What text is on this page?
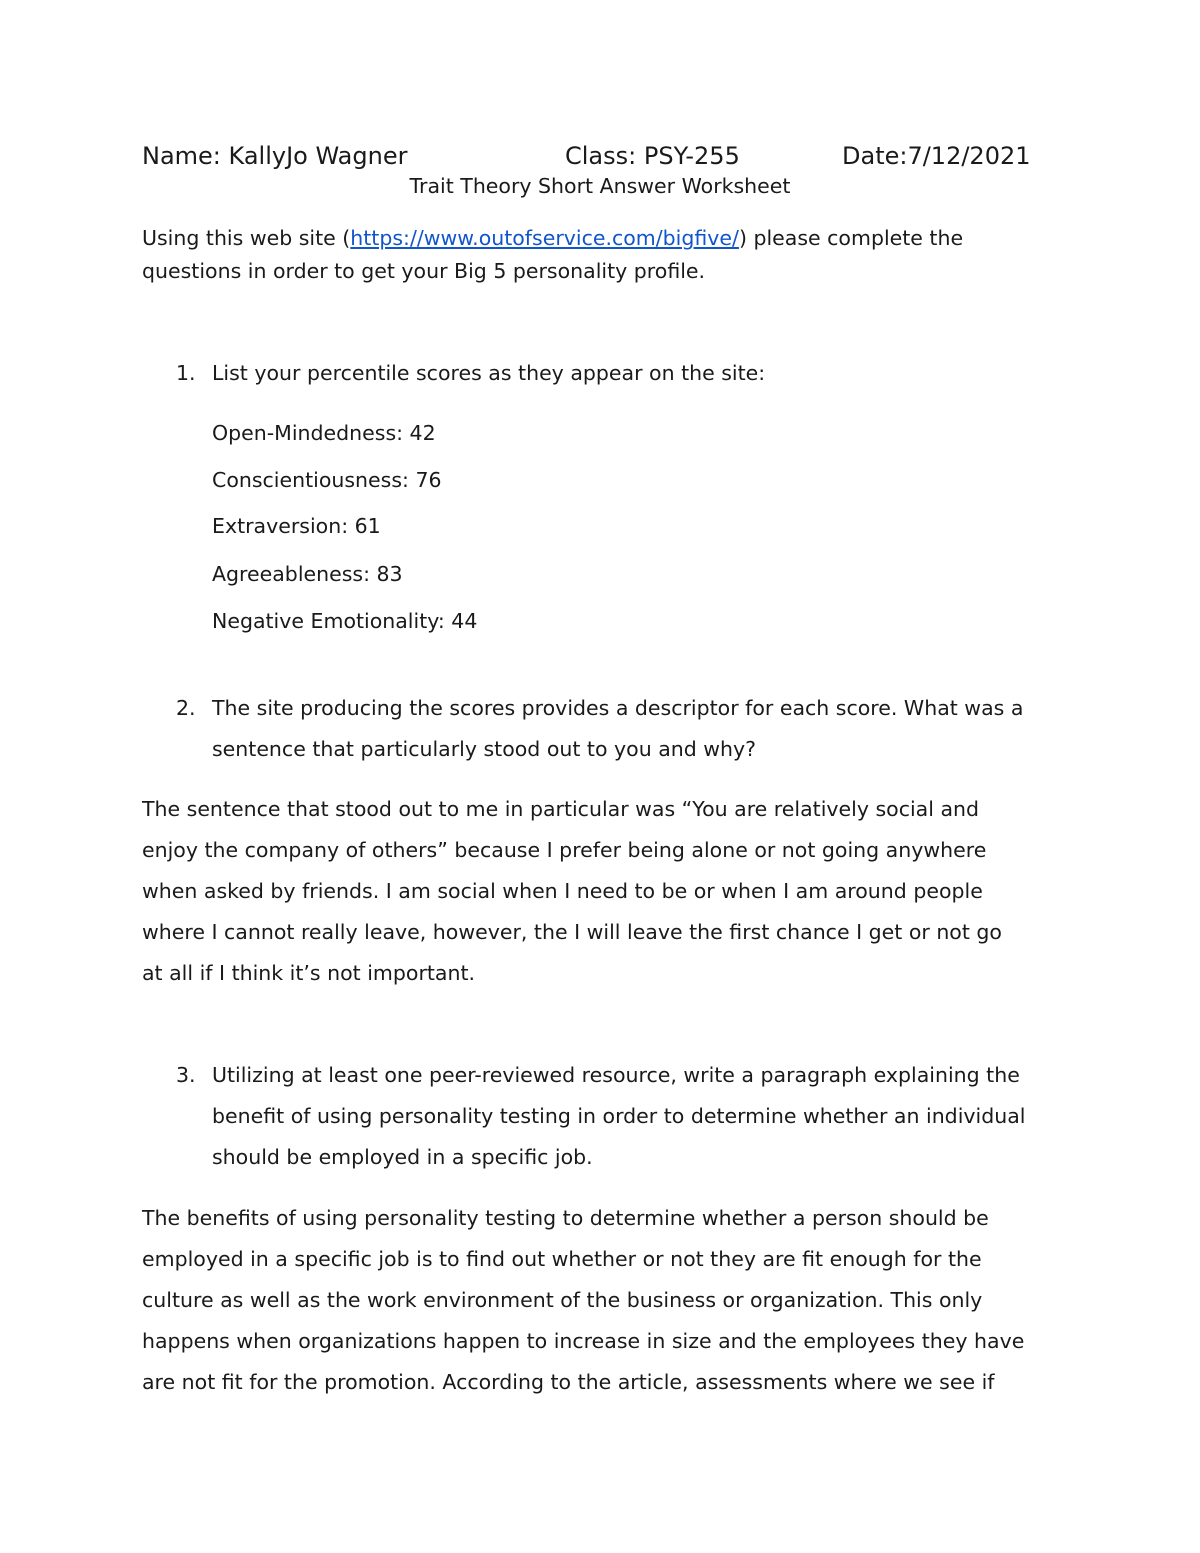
Name: KallyJo Wagner	Class: PSY-255	Date:7/12/2021
Trait Theory Short Answer Worksheet
Using this web site (https://www.outofservice.com/bigfive/) please complete the
questions in order to get your Big 5 personality profile.
1. List your percentile scores as they appear on the site:
Open-Mindedness: 42
Conscientiousness: 76
Extraversion: 61
Agreeableness: 83
Negative Emotionality: 44
2. The site producing the scores provides a descriptor for each score. What was a
sentence that particularly stood out to you and why?
The sentence that stood out to me in particular was “You are relatively social and
enjoy the company of others” because I prefer being alone or not going anywhere
when asked by friends. I am social when I need to be or when I am around people
where I cannot really leave, however, the I will leave the first chance I get or not go
at all if I think it’s not important.
3. Utilizing at least one peer-reviewed resource, write a paragraph explaining the
benefit of using personality testing in order to determine whether an individual
should be employed in a specific job.
The benefits of using personality testing to determine whether a person should be
employed in a specific job is to find out whether or not they are fit enough for the
culture as well as the work environment of the business or organization. This only
happens when organizations happen to increase in size and the employees they have
are not fit for the promotion. According to the article, assessments where we see if
